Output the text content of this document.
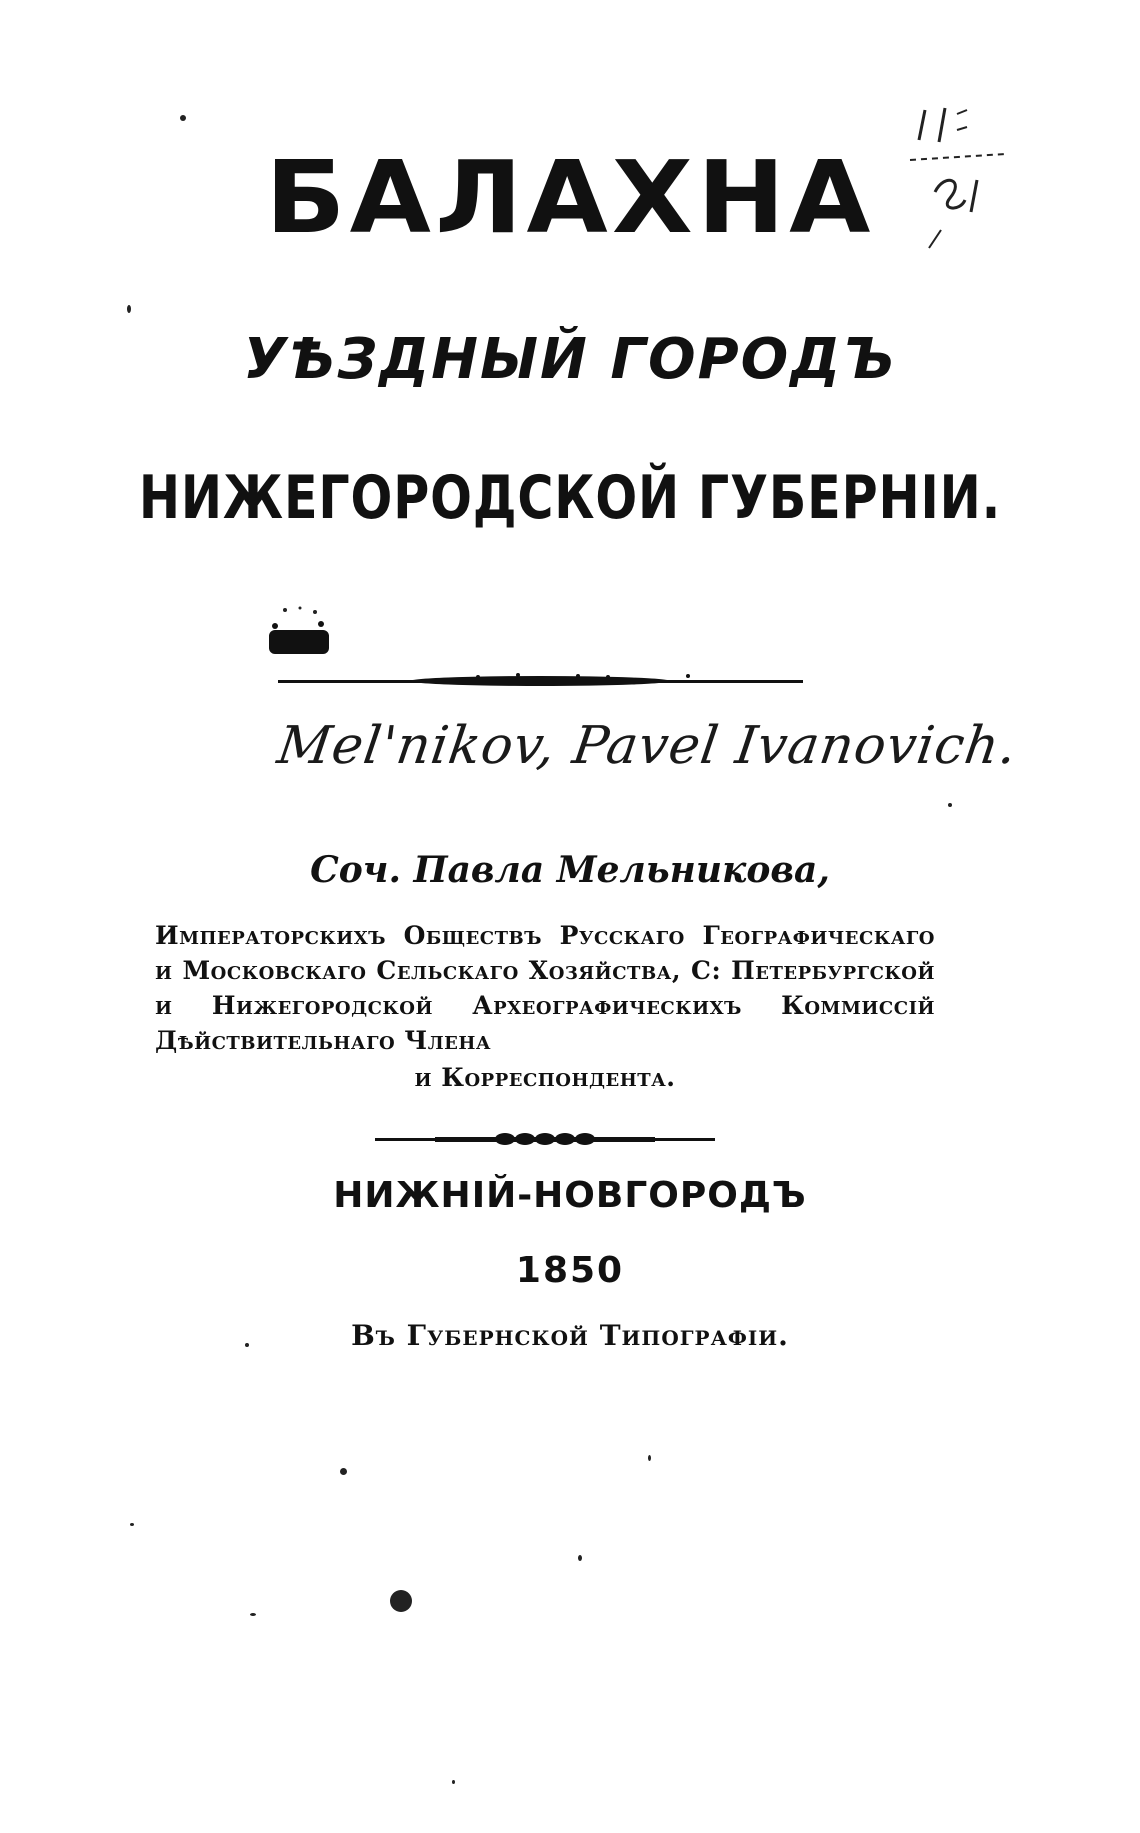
БАЛАХНА
УѢЗДНЫЙ ГОРОДЪ
НИЖЕГОРОДСКОЙ ГУБЕРНІИ.
Mel'nikov, Pavel Ivanovich.
Соч. Павла Мельникова,
Императорскихъ Обществъ Русскаго Географическаго и Московскаго Сельскаго Хозяйства, С: Петербургской и Нижегородской Археографическихъ Коммиссій Дѣйствительнаго Члена
и Корреспондента.
НИЖНІЙ-НОВГОРОДЪ
1850
Въ Губернской Типографіи.
